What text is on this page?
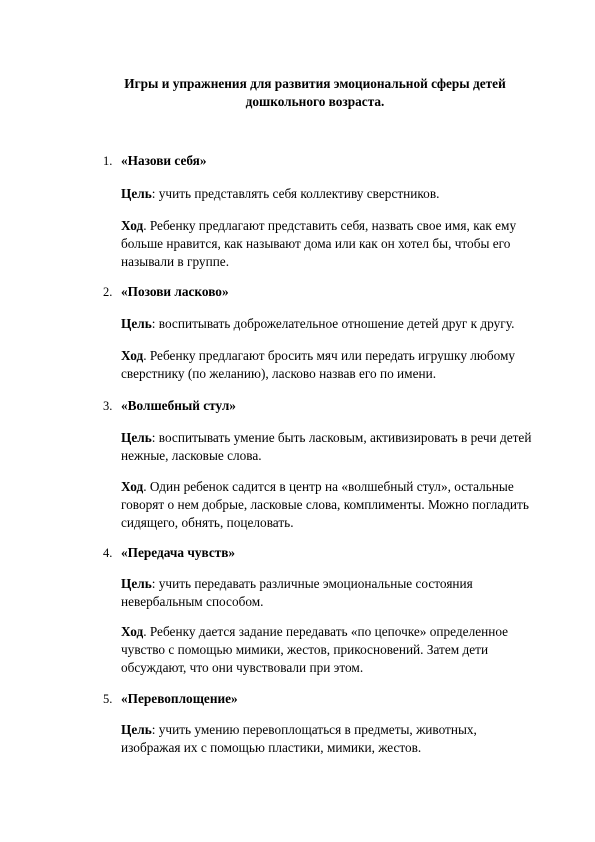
Игры и упражнения для развития эмоциональной сферы детей
дошкольного возраста.
1. «Назови себя»
Цель: учить представлять себя коллективу сверстников.
Ход. Ребенку предлагают представить себя, назвать свое имя, как ему
больше нравится, как называют дома или как он хотел бы, чтобы его
называли в группе.
2. «Позови ласково»
Цель: воспитывать доброжелательное отношение детей друг к другу.
Ход. Ребенку предлагают бросить мяч или передать игрушку любому
сверстнику (по желанию), ласково назвав его по имени.
3. «Волшебный стул»
Цель: воспитывать умение быть ласковым, активизировать в речи детей
нежные, ласковые слова.
Ход. Один ребенок садится в центр на «волшебный стул», остальные
говорят о нем добрые, ласковые слова, комплименты. Можно погладить
сидящего, обнять, поцеловать.
4. «Передача чувств»
Цель: учить передавать различные эмоциональные состояния
невербальным способом.
Ход. Ребенку дается задание передавать «по цепочке» определенное
чувство с помощью мимики, жестов, прикосновений. Затем дети
обсуждают, что они чувствовали при этом.
5. «Перевоплощение»
Цель: учить умению перевоплощаться в предметы, животных,
изображая их с помощью пластики, мимики, жестов.
